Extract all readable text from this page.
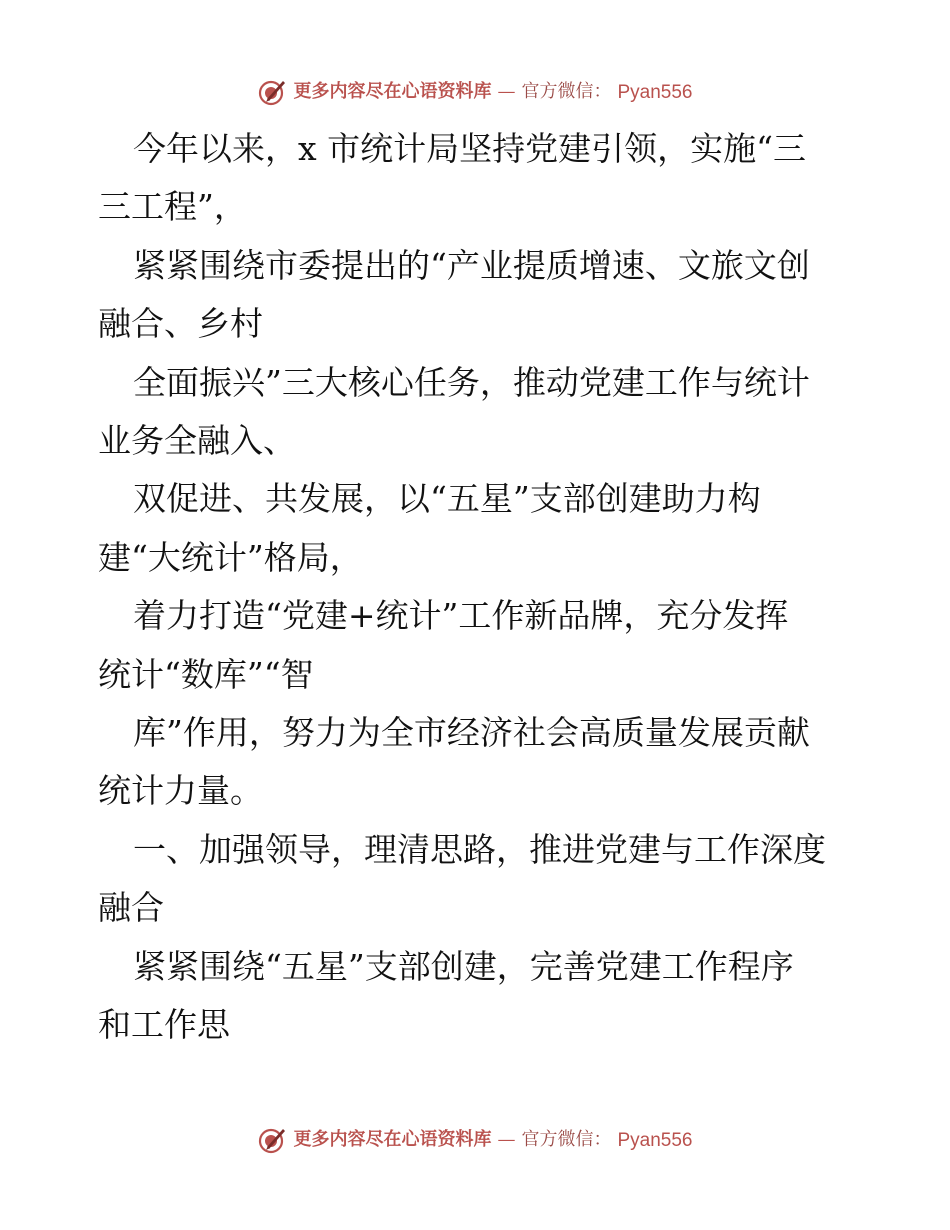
更多内容尽在心语资料库 — 官方微信： Pyan556

今年以来，x 市统计局坚持党建引领，实施“三

三工程”，

紧紧围绕市委提出的“产业提质增速、文旅文创

融合、乡村

全面振兴”三大核心任务，推动党建工作与统计

业务全融入、

双促进、共发展，以“五星”支部创建助力构

建“大统计”格局，

着力打造“党建+统计”工作新品牌，充分发挥

统计“数库”“智

库”作用，努力为全市经济社会高质量发展贡献

统计力量。

一、加强领导，理清思路，推进党建与工作深度

融合

紧紧围绕“五星”支部创建，完善党建工作程序

和工作思

更多内容尽在心语资料库 — 官方微信： Pyan556
